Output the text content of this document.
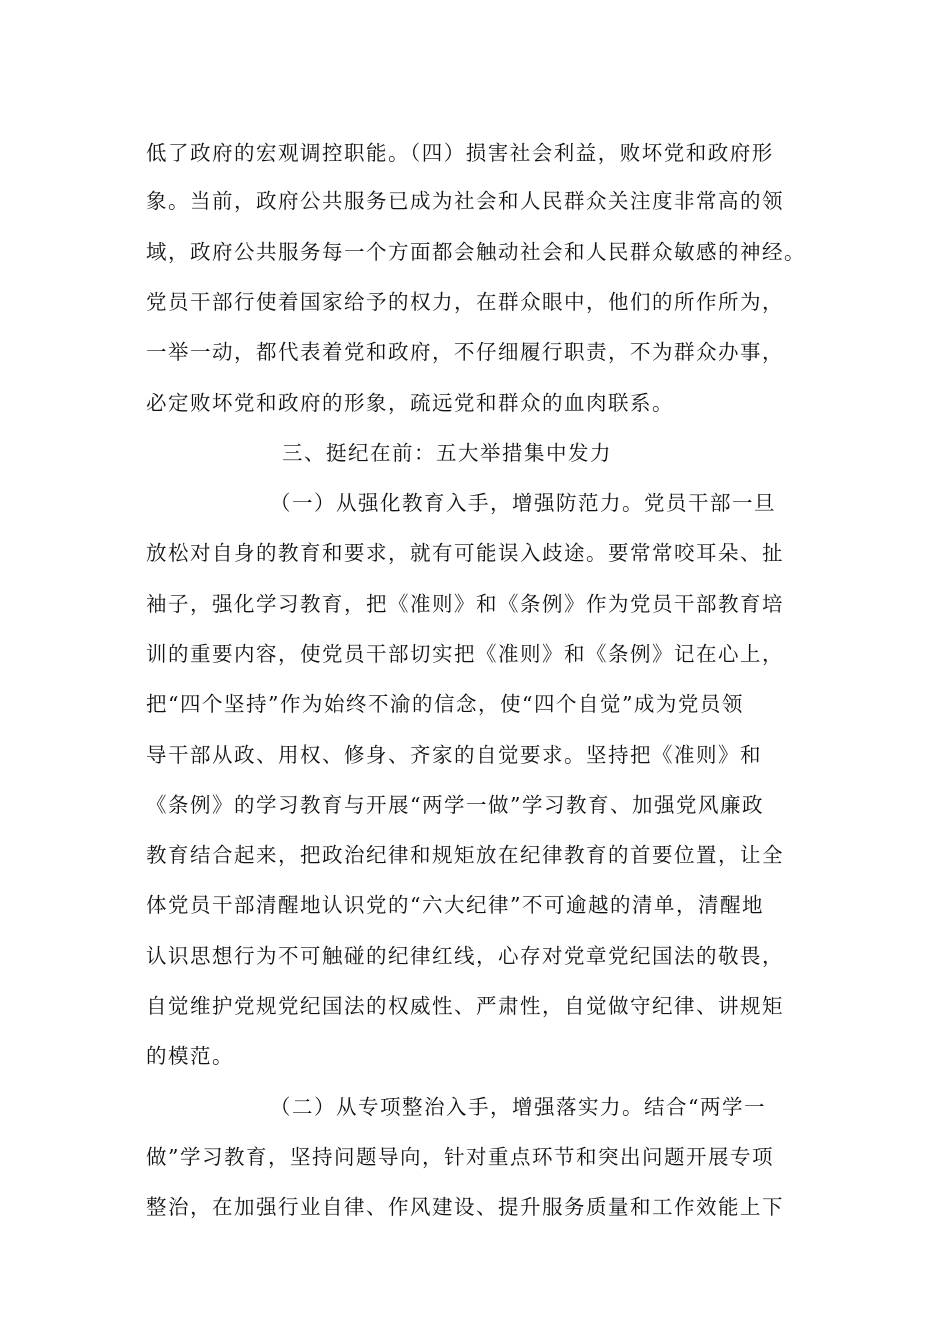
低了政府的宏观调控职能。（四）损害社会利益，败坏党和政府形
象。当前，政府公共服务已成为社会和人民群众关注度非常高的领
域，政府公共服务每一个方面都会触动社会和人民群众敏感的神经。
党员干部行使着国家给予的权力，在群众眼中，他们的所作所为，
一举一动，都代表着党和政府，不仔细履行职责，不为群众办事，
必定败坏党和政府的形象，疏远党和群众的血肉联系。
三、挺纪在前：五大举措集中发力
（一）从强化教育入手，增强防范力。党员干部一旦
放松对自身的教育和要求，就有可能误入歧途。要常常咬耳朵、扯
袖子，强化学习教育，把《准则》和《条例》作为党员干部教育培
训的重要内容，使党员干部切实把《准则》和《条例》记在心上，
把“四个坚持”作为始终不渝的信念，使“四个自觉”成为党员领
导干部从政、用权、修身、齐家的自觉要求。坚持把《准则》和
《条例》的学习教育与开展“两学一做”学习教育、加强党风廉政
教育结合起来，把政治纪律和规矩放在纪律教育的首要位置，让全
体党员干部清醒地认识党的“六大纪律”不可逾越的清单，清醒地
认识思想行为不可触碰的纪律红线，心存对党章党纪国法的敬畏，
自觉维护党规党纪国法的权威性、严肃性，自觉做守纪律、讲规矩
的模范。
（二）从专项整治入手，增强落实力。结合“两学一
做”学习教育，坚持问题导向，针对重点环节和突出问题开展专项
整治，在加强行业自律、作风建设、提升服务质量和工作效能上下
